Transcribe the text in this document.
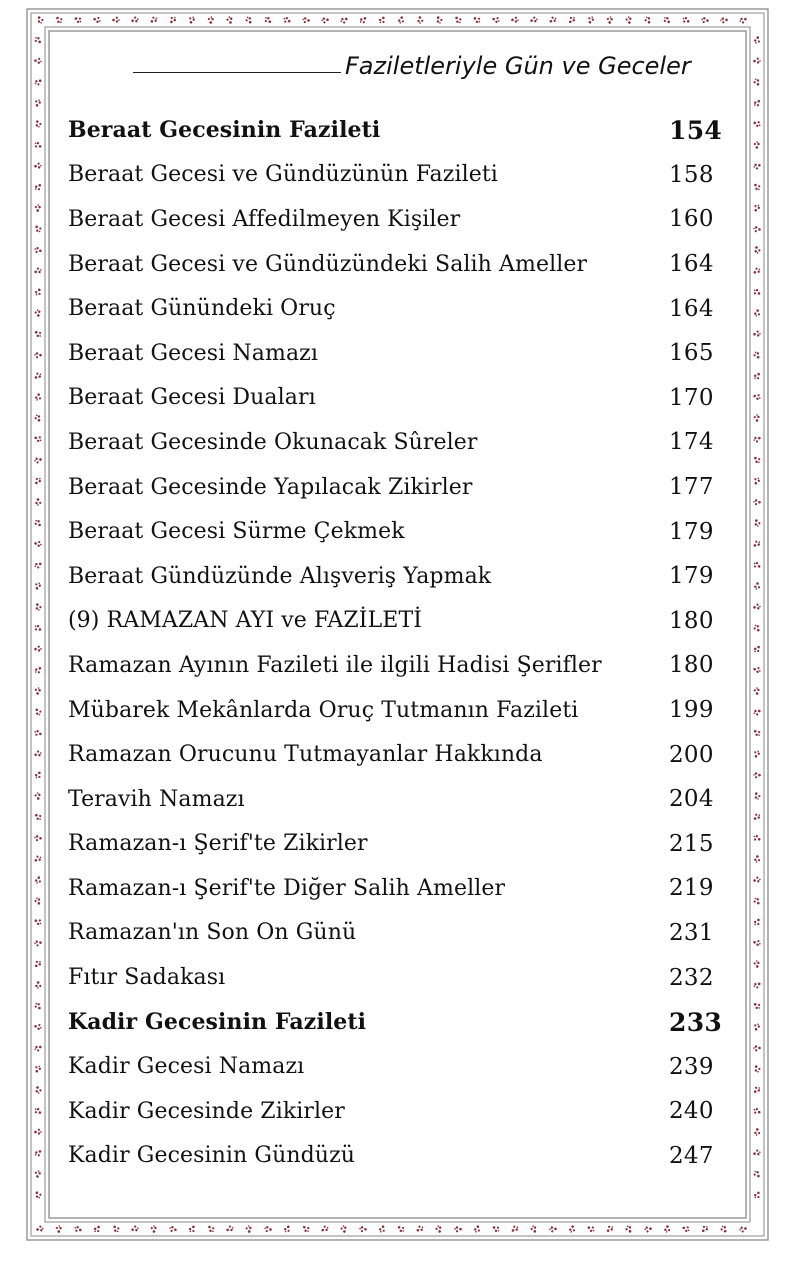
Faziletleriyle Gün ve Geceler
Beraat Gecesinin Fazileti	154
Beraat Gecesi ve Gündüzünün Fazileti	158
Beraat Gecesi Affedilmeyen Kişiler	160
Beraat Gecesi ve Gündüzündeki Salih Ameller	164
Beraat Günündeki Oruç	164
Beraat Gecesi Namazı	165
Beraat Gecesi Duaları	170
Beraat Gecesinde Okunacak Sûreler	174
Beraat Gecesinde Yapılacak Zikirler	177
Beraat Gecesi Sürme Çekmek	179
Beraat Gündüzünde Alışveriş Yapmak	179
(9) RAMAZAN AYI ve FAZİLETİ	180
Ramazan Ayının Fazileti ile ilgili Hadisi Şerifler	180
Mübarek Mekânlarda Oruç Tutmanın Fazileti	199
Ramazan Orucunu Tutmayanlar Hakkında	200
Teravih Namazı	204
Ramazan-ı Şerif'te Zikirler	215
Ramazan-ı Şerif'te Diğer Salih Ameller	219
Ramazan'ın Son On Günü	231
Fıtır Sadakası	232
Kadir Gecesinin Fazileti	233
Kadir Gecesi Namazı	239
Kadir Gecesinde Zikirler	240
Kadir Gecesinin Gündüzü	247
